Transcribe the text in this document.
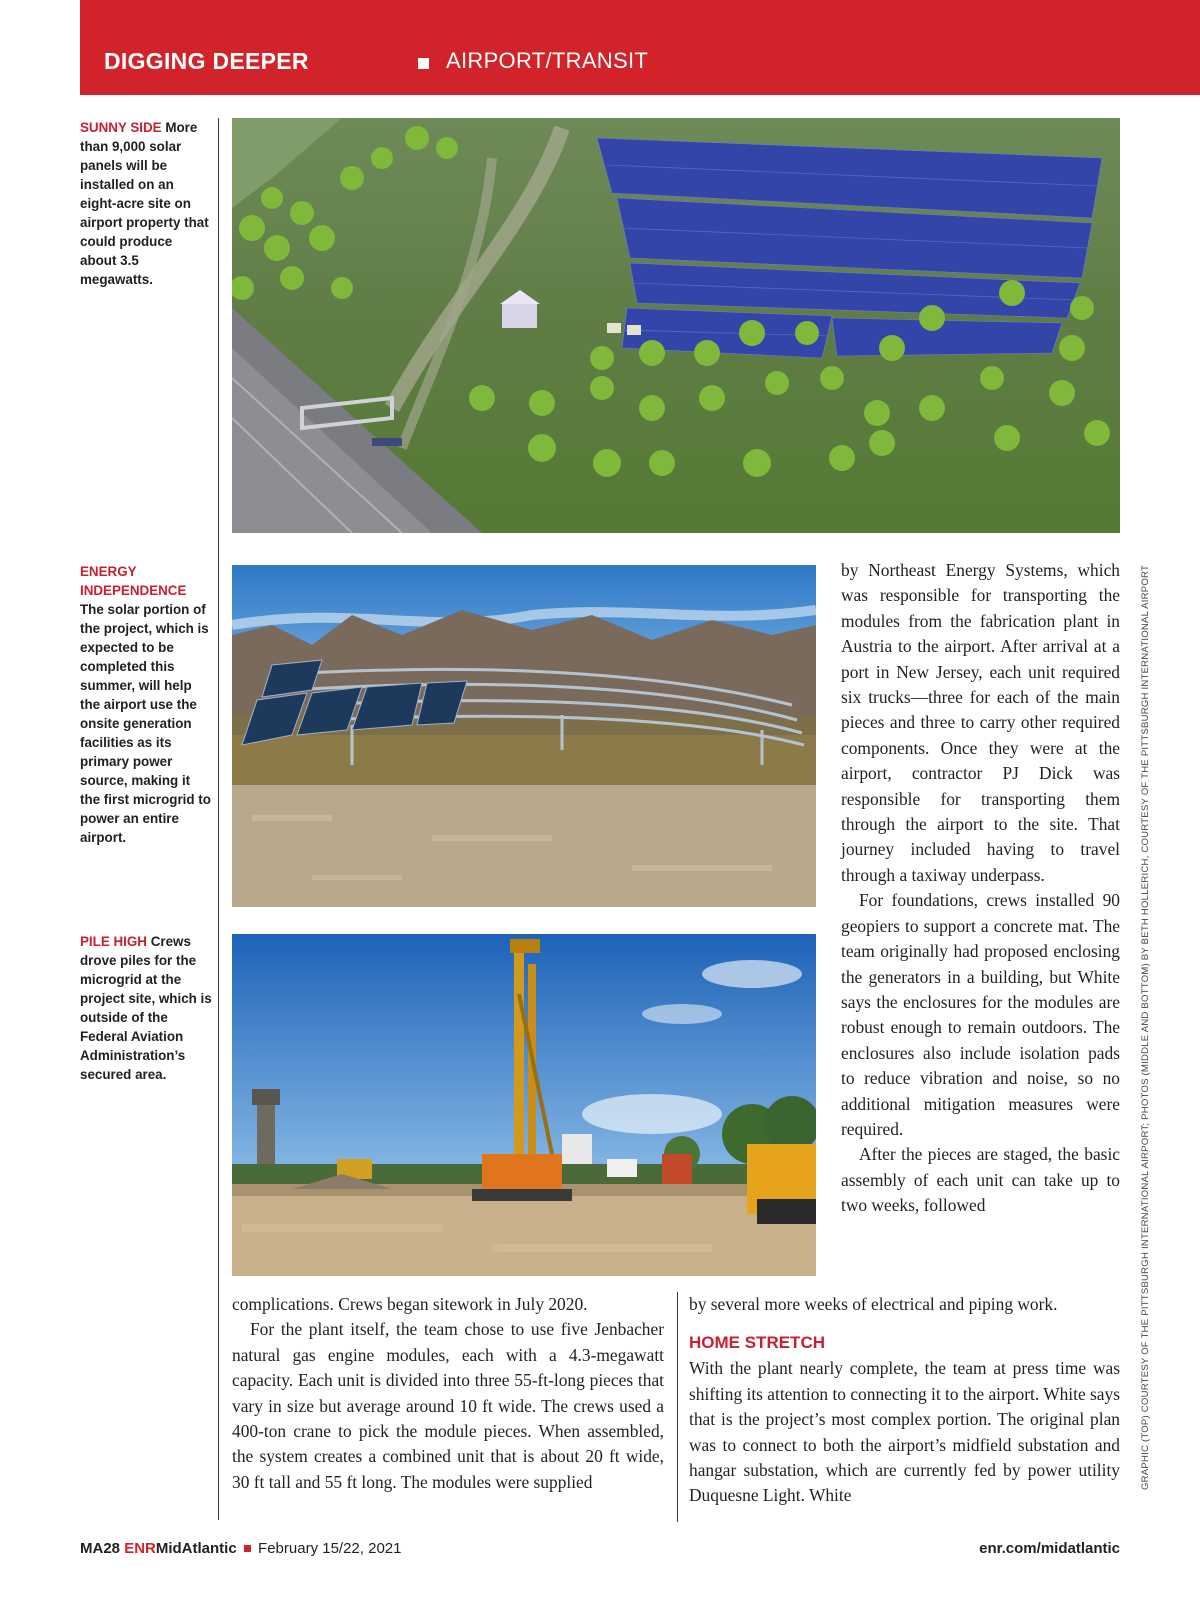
DIGGING DEEPER	AIRPORT/TRANSIT
SUNNY SIDE More than 9,000 solar panels will be installed on an eight-acre site on airport property that could produce about 3.5 megawatts.
ENERGY INDEPENDENCE
The solar portion of the project, which is expected to be completed this summer, will help the airport use the onsite generation facilities as its primary power source, making it the first microgrid to power an entire airport.
PILE HIGH Crews drove piles for the microgrid at the project site, which is outside of the Federal Aviation Administration’s secured area.

by Northeast Energy Systems, which was responsible for transporting the modules from the fabrication plant in Austria to the airport. After arrival at a port in New Jersey, each unit required six trucks—three for each of the main pieces and three to carry other required components. Once they were at the airport, contractor PJ Dick was responsible for transporting them through the airport to the site. That journey included having to travel through a taxiway underpass.

For foundations, crews installed 90 geopiers to support a concrete mat. The team originally had proposed enclosing the generators in a building, but White says the enclosures for the modules are robust enough to remain outdoors. The enclosures also include isolation pads to reduce vibration and noise, so no additional mitigation measures were required.

After the pieces are staged, the basic assembly of each unit can take up to two weeks, followed

complications. Crews began sitework in July 2020.

For the plant itself, the team chose to use five Jenbacher natural gas engine modules, each with a 4.3-megawatt capacity. Each unit is divided into three 55-ft-long pieces that vary in size but average around 10 ft wide. The crews used a 400-ton crane to pick the module pieces. When assembled, the system creates a combined unit that is about 20 ft wide, 30 ft tall and 55 ft long. The modules were supplied

by several more weeks of electrical and piping work.

HOME STRETCH

With the plant nearly complete, the team at press time was shifting its attention to connecting it to the airport. White says that is the project’s most complex portion. The original plan was to connect to both the airport’s midfield substation and hangar substation, which are currently fed by power utility Duquesne Light. White

GRAPHIC (TOP) COURTESY OF THE PITTSBURGH INTERNATIONAL AIRPORT; PHOTOS (MIDDLE AND BOTTOM) BY BETH HOLLERICH, COURTESY OF THE PITTSBURGH INTERNATIONAL AIRPORT
MA28 ENRMidAtlantic February 15/22, 2021	enr.com/midatlantic
